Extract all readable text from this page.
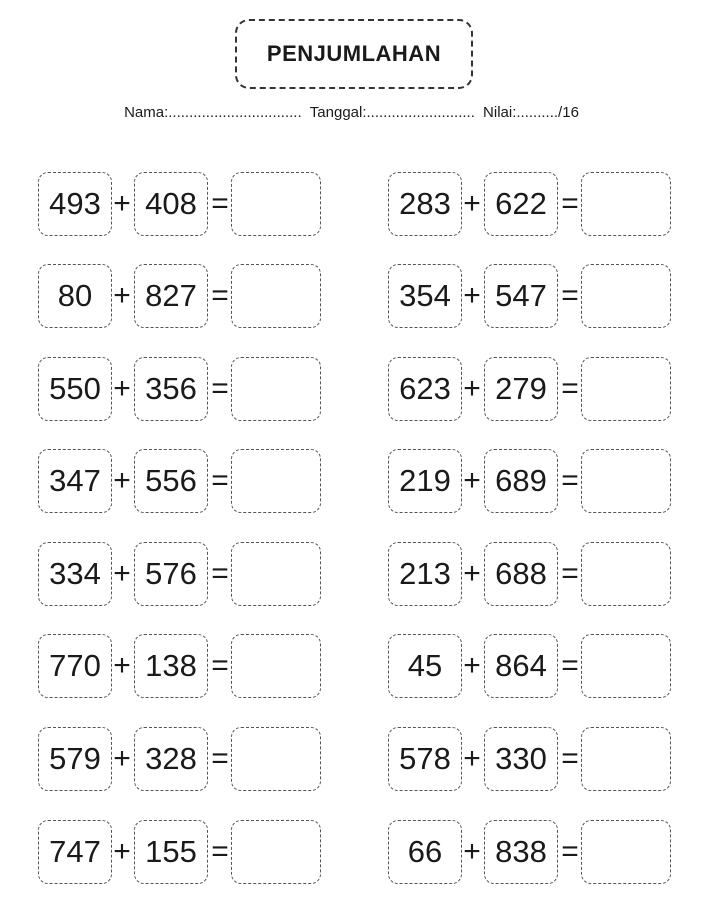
PENJUMLAHAN
Nama:................................ Tanggal:.......................... Nilai:........../16
493 + 408 =	283 + 622 =
80 + 827 =	354 + 547 =
550 + 356 =	623 + 279 =
347 + 556 =	219 + 689 =
334 + 576 =	213 + 688 =
770 + 138 =	45 + 864 =
579 + 328 =	578 + 330 =
747 + 155 =	66 + 838 =
